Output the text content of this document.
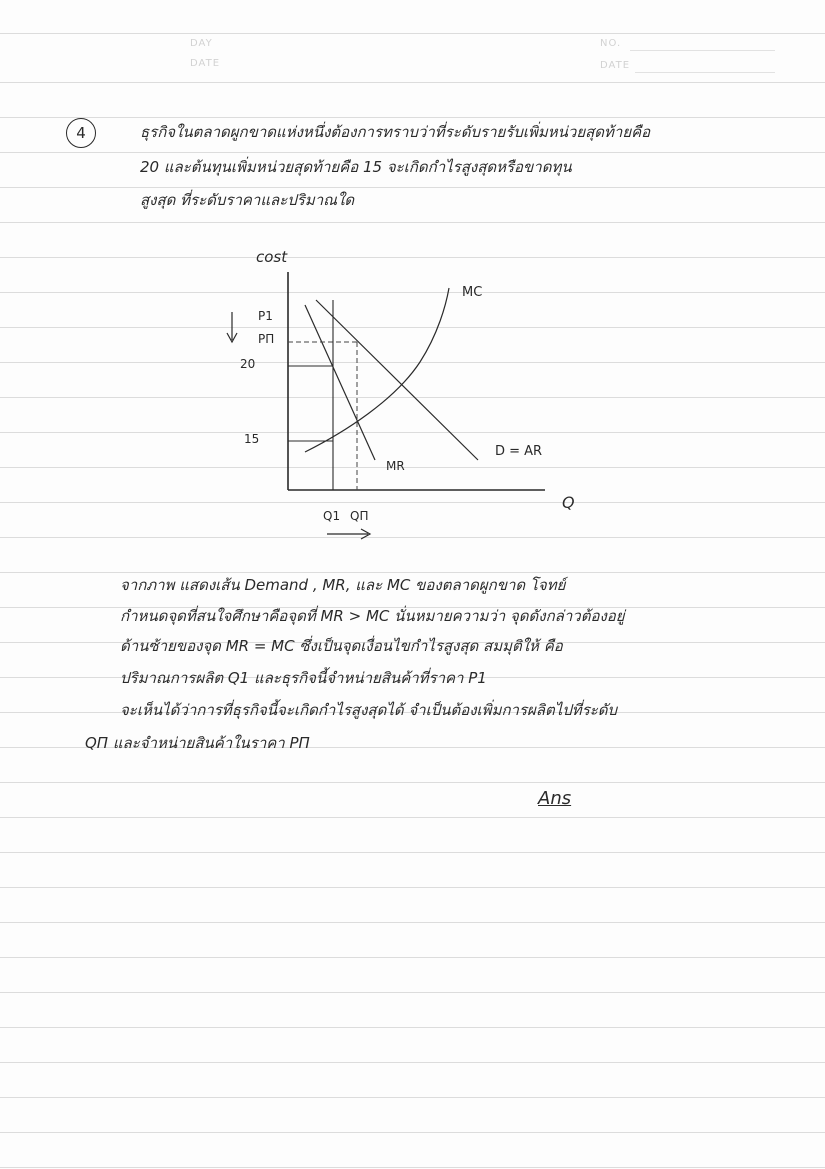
DAY
DATE
NO.
DATE
4	ธุรกิจในตลาดผูกขาดแห่งหนึ่งต้องการทราบว่าที่ระดับรายรับเพิ่มหน่วยสุดท้ายคือ
20 และต้นทุนเพิ่มหน่วยสุดท้ายคือ 15 จะเกิดกำไรสูงสุดหรือขาดทุน
สูงสุด ที่ระดับราคาและปริมาณใด
cost
Q
MC
D = AR
MR
P1
PΠ
20
15
Q1 QΠ
จากภาพ แสดงเส้น Demand , MR, และ MC ของตลาดผูกขาด โจทย์
กำหนดจุดที่สนใจศึกษาคือจุดที่ MR > MC นั่นหมายความว่า จุดดังกล่าวต้องอยู่
ด้านซ้ายของจุด MR = MC ซึ่งเป็นจุดเงื่อนไขกำไรสูงสุด สมมุติให้ คือ
ปริมาณการผลิต Q1 และธุรกิจนี้จำหน่ายสินค้าที่ราคา P1
จะเห็นได้ว่าการที่ธุรกิจนี้จะเกิดกำไรสูงสุดได้ จำเป็นต้องเพิ่มการผลิตไปที่ระดับ
QΠ และจำหน่ายสินค้าในราคา PΠ
Ans
